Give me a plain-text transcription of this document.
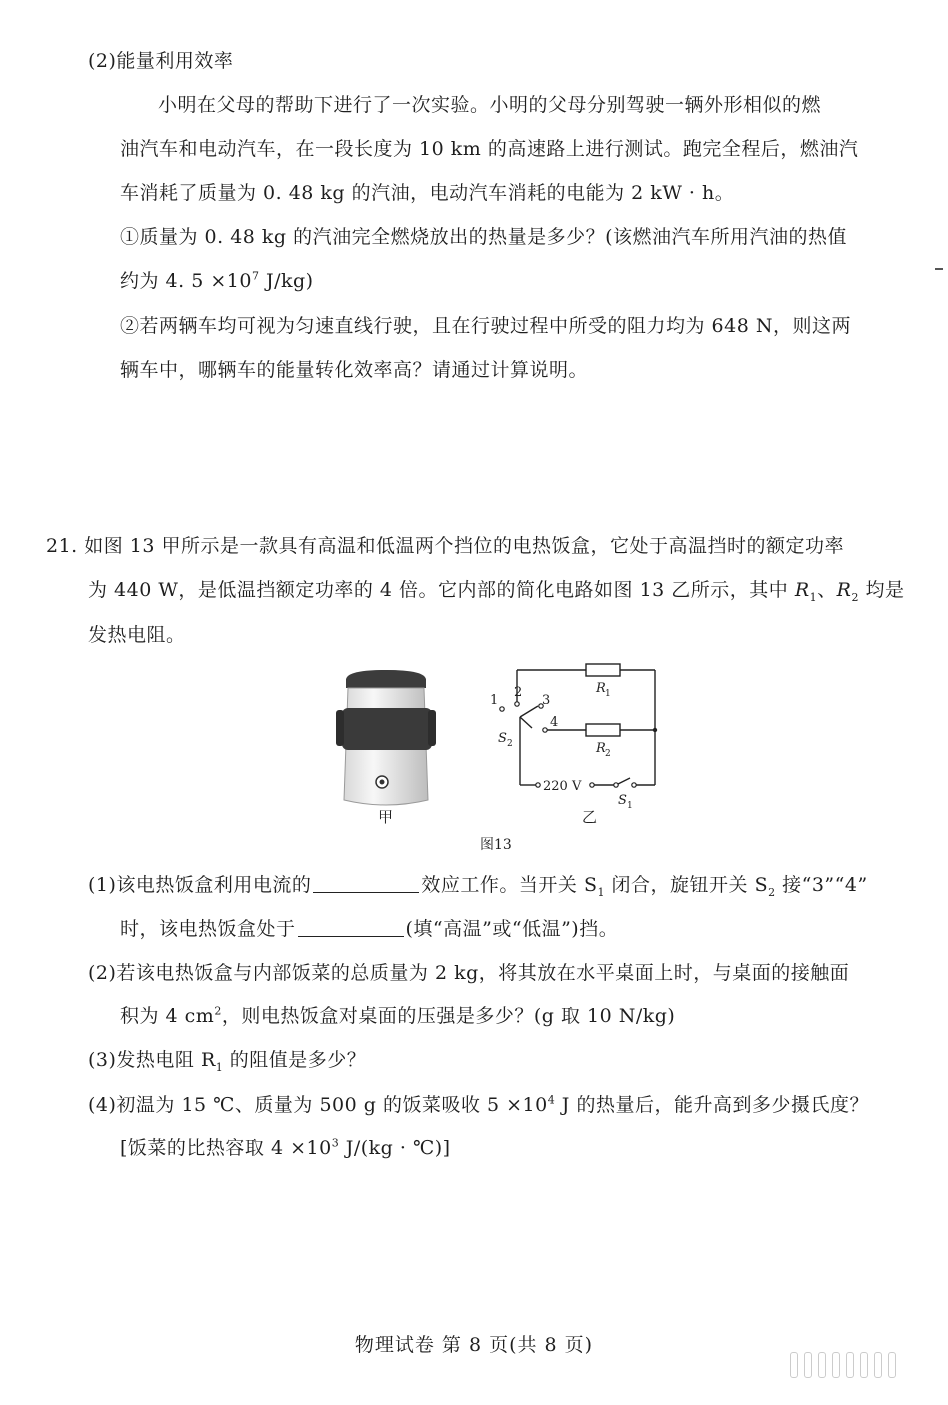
(2)能量利用效率
小明在父母的帮助下进行了一次实验。小明的父母分别驾驶一辆外形相似的燃
油汽车和电动汽车，在一段长度为 10 km 的高速路上进行测试。跑完全程后，燃油汽
车消耗了质量为 0. 48 kg 的汽油，电动汽车消耗的电能为 2 kW · h。
①质量为 0. 48 kg 的汽油完全燃烧放出的热量是多少？(该燃油汽车所用汽油的热值
约为 4. $5 \times 10^7$ J/kg)
②若两辆车均可视为匀速直线行驶，且在行驶过程中所受的阻力均为 648 N，则这两
辆车中，哪辆车的能量转化效率高？请通过计算说明。
21. 如图 13 甲所示是一款具有高温和低温两个挡位的电热饭盒，它处于高温挡时的额定功率
为 440 W，是低温挡额定功率的 4 倍。它内部的简化电路如图 13 乙所示，其中 $R_1$、$R_2$ 均是
发热电阻。
1
2
3
4
S 2
R 1
R 2
220 V
S 1
甲	乙
图13
(1)该电热饭盒利用电流的	效应工作。当开关 $S_1$ 闭合，旋钮开关 $S_2$ 接“3”“4”
时，该电热饭盒处于	(填“高温”或“低温”)挡。
(2)若该电热饭盒与内部饭菜的总质量为 2 kg，将其放在水平桌面上时，与桌面的接触面
积为 4 $cm^2$，则电热饭盒对桌面的压强是多少？(g 取 10 N/kg)
(3)发热电阻 $R_1$ 的阻值是多少？
(4)初温为 15 ℃、质量为 500 g 的饭菜吸收 $5 \times 10^4$ J 的热量后，能升高到多少摄氏度？
[饭菜的比热容取 $4 \times 10^3$ J/(kg · ℃)]
物理试卷 第 8 页(共 8 页)
